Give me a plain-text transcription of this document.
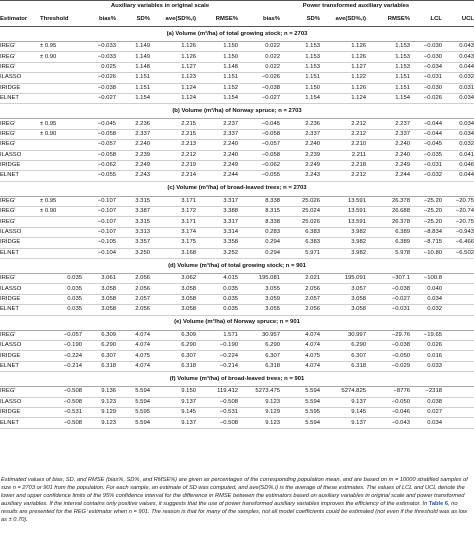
		Auxiliary variables in original scale				Power transformed auxiliary variables					
Estimator	Threshold	bias%	SD%	ave(SD%,i)	RMSE%	bias%	SD%	ave(SD%,i)	RMSE%	LCL	UCL
(a) Volume (m³/ha) of total growing stock; n = 2703											
IREGⁱ	± 0.95	−0.033	1.149	1.126	1.150	0.022	1.153	1.126	1.153	−0.030	0.043
IREGⁱ	± 0.90	−0.033	1.149	1.126	1.150	0.022	1.153	1.126	1.153	−0.030	0.043
IREGⁱ		0.025	1.148	1.127	1.148	0.022	1.153	1.127	1.153	−0.034	0.044
ILASSO		−0.026	1.151	1.123	1.151	−0.026	1.151	1.122	1.151	−0.031	0.032
IRIDGE		−0.038	1.151	1.124	1.152	−0.038	1.150	1.126	1.151	−0.030	0.031
ELNET		−0.027	1.154	1.124	1.154	−0.027	1.154	1.124	1.154	−0.026	0.034
(b) Volume (m³/ha) of Norway spruce; n = 2703											
IREGⁱ	± 0.95	−0.045	2.236	2.215	2.237	−0.045	2.236	2.212	2.237	−0.044	0.034
IREGⁱ	± 0.90	−0.058	2.337	2.215	2.337	−0.058	2.337	2.212	2.337	−0.044	0.034
IREGⁱ		−0.057	2.240	2.213	2.240	−0.057	2.240	2.210	2.240	−0.045	0.032
ILASSO		−0.058	2.239	2.212	2.240	−0.058	2.239	2.211	2.240	−0.035	0.041
IRIDGE		−0.062	2.249	2.219	2.249	−0.062	2.249	2.218	2.249	−0.031	0.046
ELNET		−0.055	2.243	2.214	2.244	−0.055	2.243	2.212	2.244	−0.032	0.044
(c) Volume (m³/ha) of broad-leaved trees; n = 2703											
IREGⁱ	± 0.95	−0.107	3.315	3.171	3.317	8.338	25.026	13.591	26.378	−25.20	−20.75
IREGⁱ	± 0.90	−0.107	3.387	3.172	3.388	8.315	25.024	13.591	26.688	−25.20	−20.74
IREGⁱ		−0.107	3.315	3.171	3.317	8.338	25.026	13.591	26.378	−25.20	−20.75
ILASSO		−0.107	3.313	3.174	3.314	0.283	6.383	3.982	6.389	−8.834	−0.943
IRIDGE		−0.105	3.357	3.175	3.358	0.294	6.383	3.982	6.389	−8.715	−6.466
ELNET		−0.104	3.250	3.168	3.252	0.294	5.971	3.982	5.978	−10.80	−6.502
(d) Volume (m³/ha) of total growing stock; n = 901											
IREGⁱ	0.035	3.061	2.056	3.062	4.015	195.081	2.021	195.091	−307.1	−100.8	
ILASSO	0.035	3.058	2.056	3.058	0.035	3.055	2.056	3.057	−0.038	0.040	
IRIDGE	0.035	3.058	2.057	3.058	0.035	3.059	2.057	3.058	−0.027	0.034	
ELNET	0.035	3.058	2.056	3.058	0.035	3.055	2.056	3.058	−0.031	0.032	
(e) Volume (m³/ha) of Norway spruce; n = 901											
IREGⁱ	−0.057	6.309	4.074	6.309	1.571	30.957	4.074	30.997	−29.76	−19.65	
ILASSO	−0.190	6.290	4.074	6.290	−0.190	6.290	4.074	6.290	−0.038	0.026	
IRIDGE	−0.224	6.307	4.075	6.307	−0.224	6.307	4.075	6.307	−0.050	0.016	
ELNET	−0.214	6.318	4.074	6.318	−0.214	6.318	4.074	6.318	−0.029	0.033	
(f) Volume (m³/ha) of broad-leaved trees; n = 901											
IREGⁱ	−0.508	9.136	5.594	9.150	119.412	5273.475	5.594	5274.825	−8776	−2318	
ILASSO	−0.508	9.123	5.594	9.137	−0.508	9.123	5.594	9.137	−0.050	0.038	
IRIDGE	−0.531	9.129	5.595	9.145	−0.531	9.129	5.595	9.145	−0.046	0.027	
ELNET	−0.508	9.123	5.594	9.137	−0.508	9.123	5.594	9.137	−0.043	0.034	
Estimated values of bias, SD, and RMSE (bias%, SD%, and RMSE%) are given as percentages of the corresponding population mean, and are based on m = 10000 stratified samples of size n = 2703 or 901 from the population. For each sample, an estimate of SD was computed, and ave(SD%,i) is the average of these estimates. The values of LCL and UCL denote the lower and upper confidence limits of the 95% confidence interval for the difference in RMSE between the estimators based on auxiliary variables in original scale and power transformed auxiliary variables. If the interval contains only positive values, it suggests that the use of power transformed auxiliary variables improves the efficiency of the estimator. In Table 6, no results are presented for the REGⁱ estimator when n = 901. The reason is that for many of the samples, not all model coefficients could be estimated (not even if the threshold was as low as ± 0.70).
